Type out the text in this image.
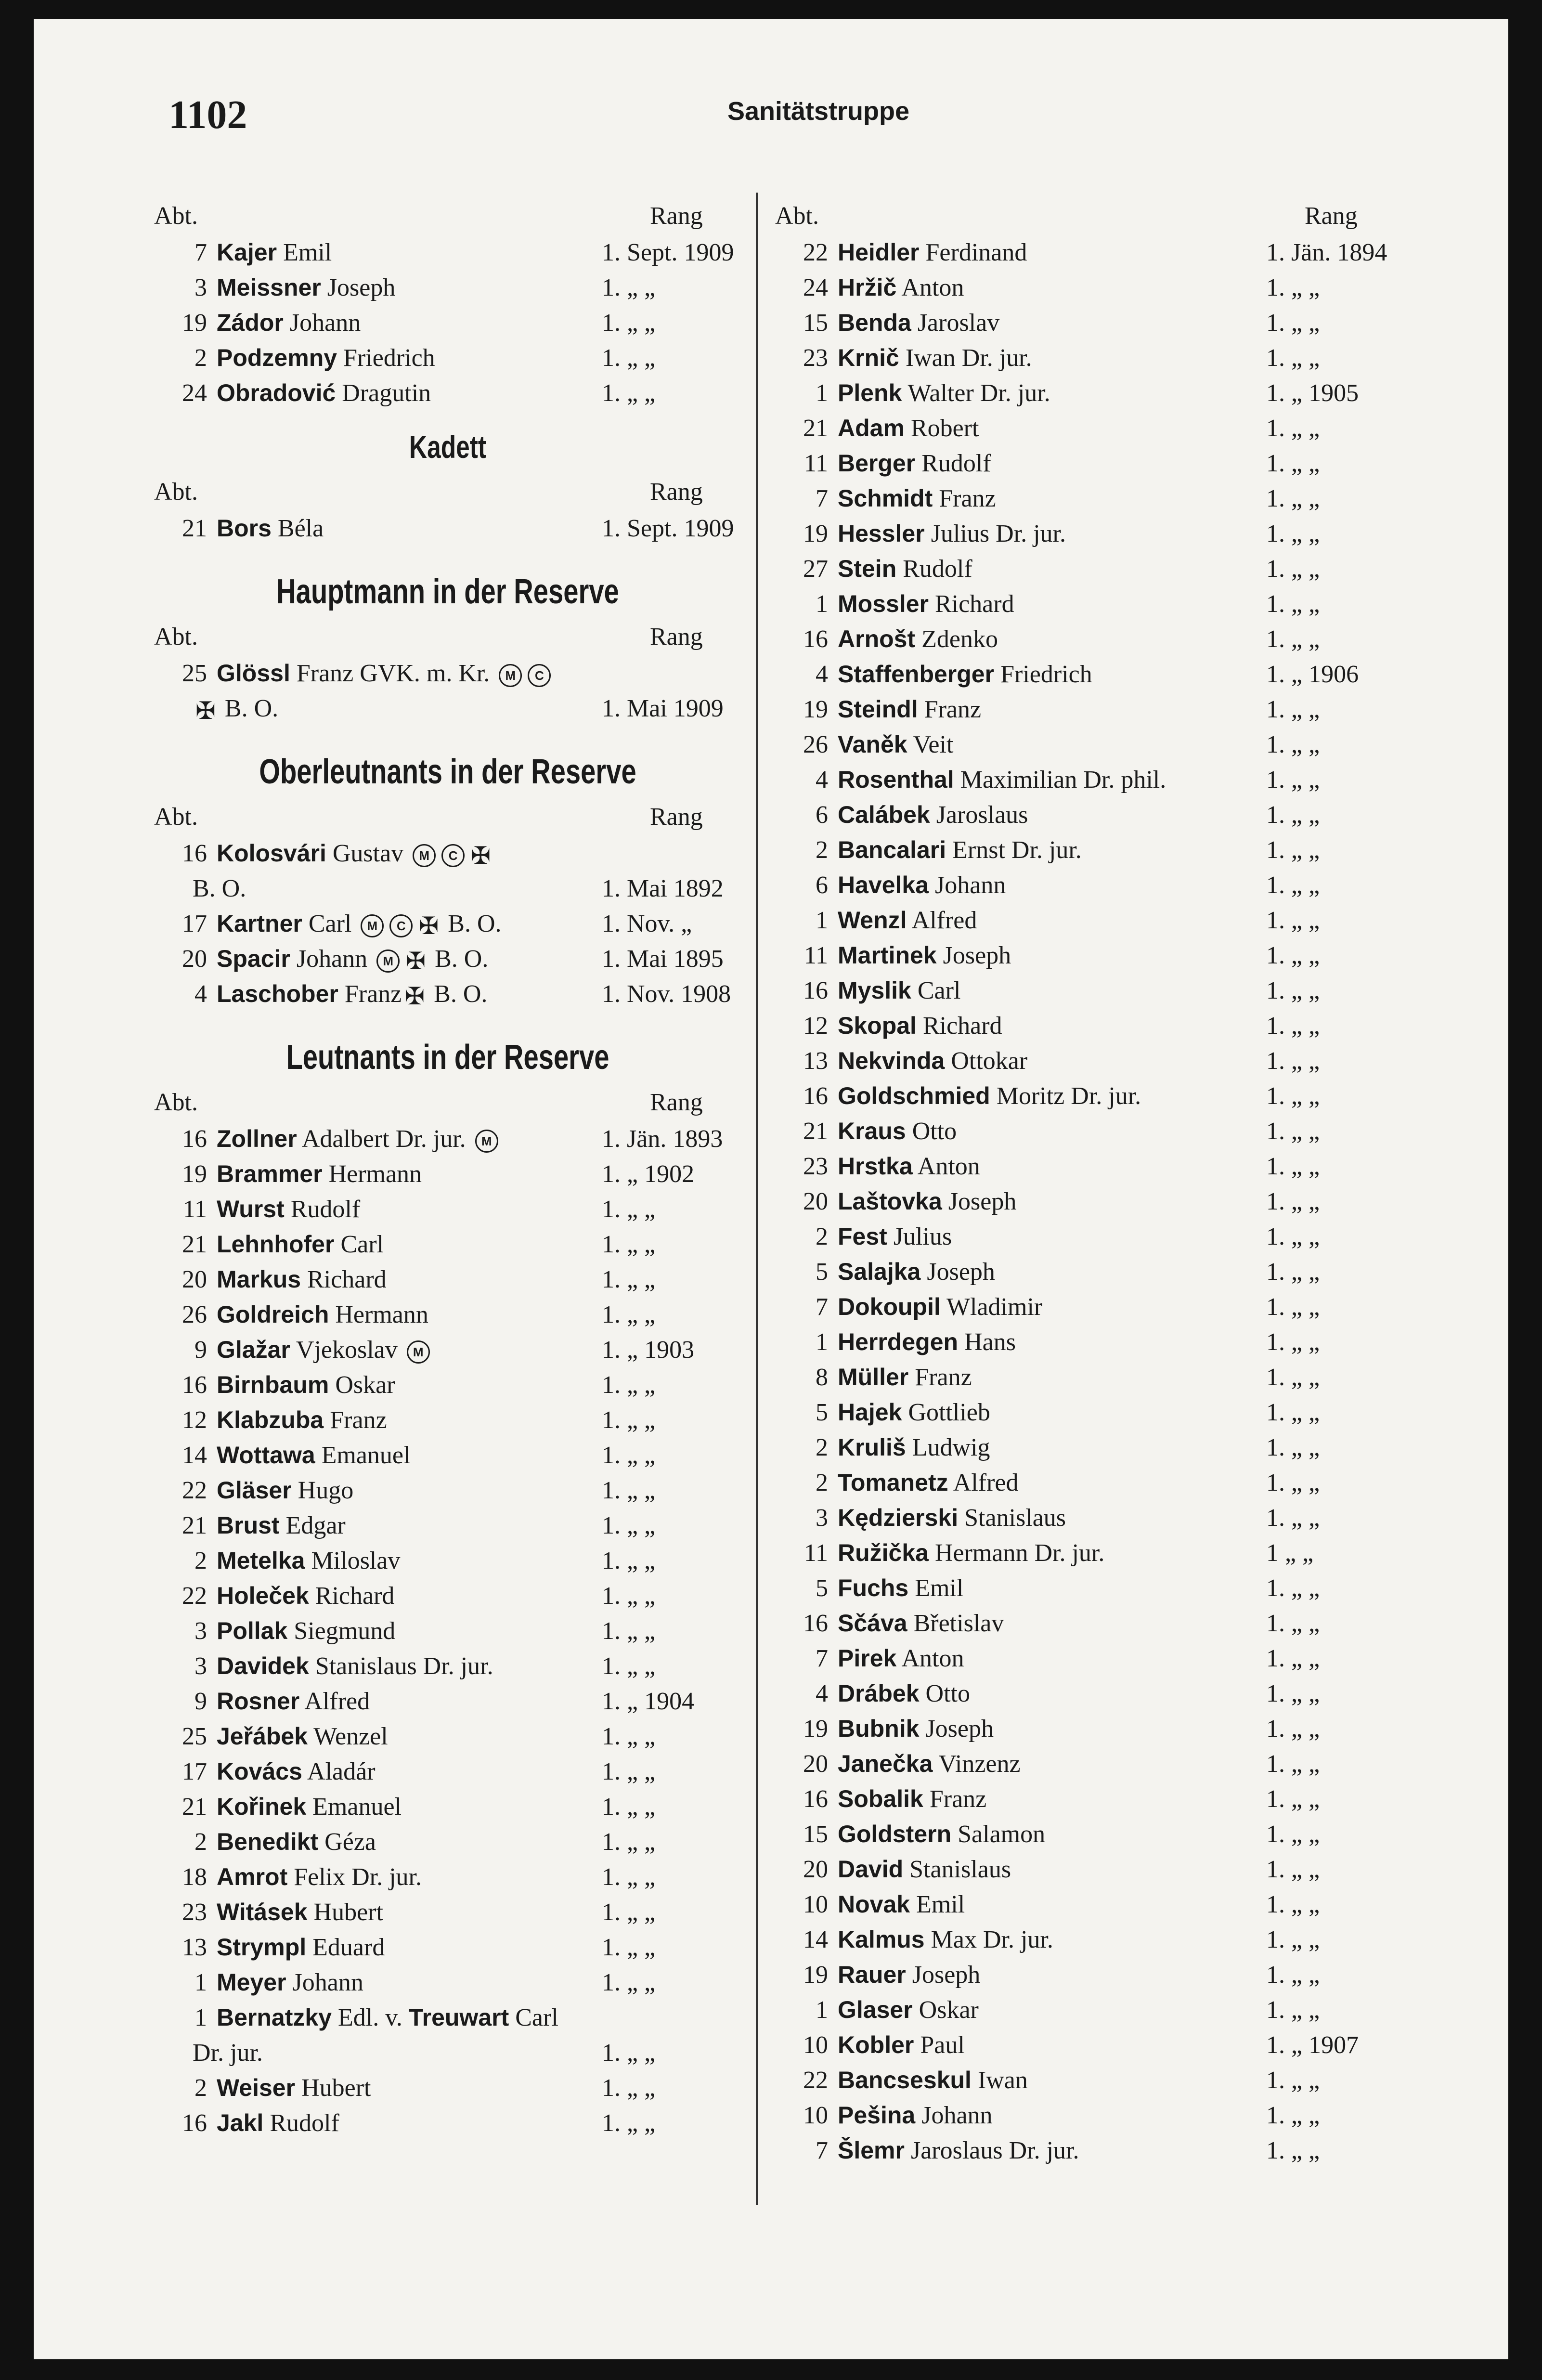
1102	Sanitätstruppe
Abt.	Rang
7 Kajer Emil	1. Sept. 1909
3 Meissner Joseph	1. „ „
19 Zádor Johann	1. „ „
2 Podzemny Friedrich	1. „ „
24 Obradović Dragutin	1. „ „
Kadett
Abt.	Rang
21 Bors Béla	1. Sept. 1909
Hauptmann in der Reserve
Abt.	Rang
25 Glössl Franz GVK. m. Kr. M C
✠ B. O.	1. Mai 1909
Oberleutnants in der Reserve
Abt.	Rang
16 Kolosvári Gustav M C ✠
B. O.	1. Mai 1892
17 Kartner Carl M C ✠ B. O.	1. Nov. „
20 Spacir Johann M ✠ B. O.	1. Mai 1895
4 Laschober Franz ✠ B. O.	1. Nov. 1908
Leutnants in der Reserve
Abt.	Rang
16 Zollner Adalbert Dr. jur. M	1. Jän. 1893
19 Brammer Hermann	1. „ 1902
11 Wurst Rudolf	1. „ „
21 Lehnhofer Carl	1. „ „
20 Markus Richard	1. „ „
26 Goldreich Hermann	1. „ „
9 Glažar Vjekoslav M	1. „ 1903
16 Birnbaum Oskar	1. „ „
12 Klabzuba Franz	1. „ „
14 Wottawa Emanuel	1. „ „
22 Gläser Hugo	1. „ „
21 Brust Edgar	1. „ „
2 Metelka Miloslav	1. „ „
22 Holeček Richard	1. „ „
3 Pollak Siegmund	1. „ „
3 Davidek Stanislaus Dr. jur.	1. „ „
9 Rosner Alfred	1. „ 1904
25 Jeřábek Wenzel	1. „ „
17 Kovács Aladár	1. „ „
21 Kořinek Emanuel	1. „ „
2 Benedikt Géza	1. „ „
18 Amrot Felix Dr. jur.	1. „ „
23 Witásek Hubert	1. „ „
13 Strympl Eduard	1. „ „
1 Meyer Johann	1. „ „
1 Bernatzky Edl. v. Treuwart Carl
Dr. jur.	1. „ „
2 Weiser Hubert	1. „ „
16 Jakl Rudolf	1. „ „
Abt.	Rang
22 Heidler Ferdinand	1. Jän. 1894
24 Hržič Anton	1. „ „
15 Benda Jaroslav	1. „ „
23 Krnič Iwan Dr. jur.	1. „ „
1 Plenk Walter Dr. jur.	1. „ 1905
21 Adam Robert	1. „ „
11 Berger Rudolf	1. „ „
7 Schmidt Franz	1. „ „
19 Hessler Julius Dr. jur.	1. „ „
27 Stein Rudolf	1. „ „
1 Mossler Richard	1. „ „
16 Arnošt Zdenko	1. „ „
4 Staffenberger Friedrich	1. „ 1906
19 Steindl Franz	1. „ „
26 Vaněk Veit	1. „ „
4 Rosenthal Maximilian Dr. phil.	1. „ „
6 Calábek Jaroslaus	1. „ „
2 Bancalari Ernst Dr. jur.	1. „ „
6 Havelka Johann	1. „ „
1 Wenzl Alfred	1. „ „
11 Martinek Joseph	1. „ „
16 Myslik Carl	1. „ „
12 Skopal Richard	1. „ „
13 Nekvinda Ottokar	1. „ „
16 Goldschmied Moritz Dr. jur.	1. „ „
21 Kraus Otto	1. „ „
23 Hrstka Anton	1. „ „
20 Laštovka Joseph	1. „ „
2 Fest Julius	1. „ „
5 Salajka Joseph	1. „ „
7 Dokoupil Wladimir	1. „ „
1 Herrdegen Hans	1. „ „
8 Müller Franz	1. „ „
5 Hajek Gottlieb	1. „ „
2 Kruliš Ludwig	1. „ „
2 Tomanetz Alfred	1. „ „
3 Kędzierski Stanislaus	1. „ „
11 Ružička Hermann Dr. jur.	1 „ „
5 Fuchs Emil	1. „ „
16 Sčáva Břetislav	1. „ „
7 Pirek Anton	1. „ „
4 Drábek Otto	1. „ „
19 Bubnik Joseph	1. „ „
20 Janečka Vinzenz	1. „ „
16 Sobalik Franz	1. „ „
15 Goldstern Salamon	1. „ „
20 David Stanislaus	1. „ „
10 Novak Emil	1. „ „
14 Kalmus Max Dr. jur.	1. „ „
19 Rauer Joseph	1. „ „
1 Glaser Oskar	1. „ „
10 Kobler Paul	1. „ 1907
22 Bancseskul Iwan	1. „ „
10 Pešina Johann	1. „ „
7 Šlemr Jaroslaus Dr. jur.	1. „ „
